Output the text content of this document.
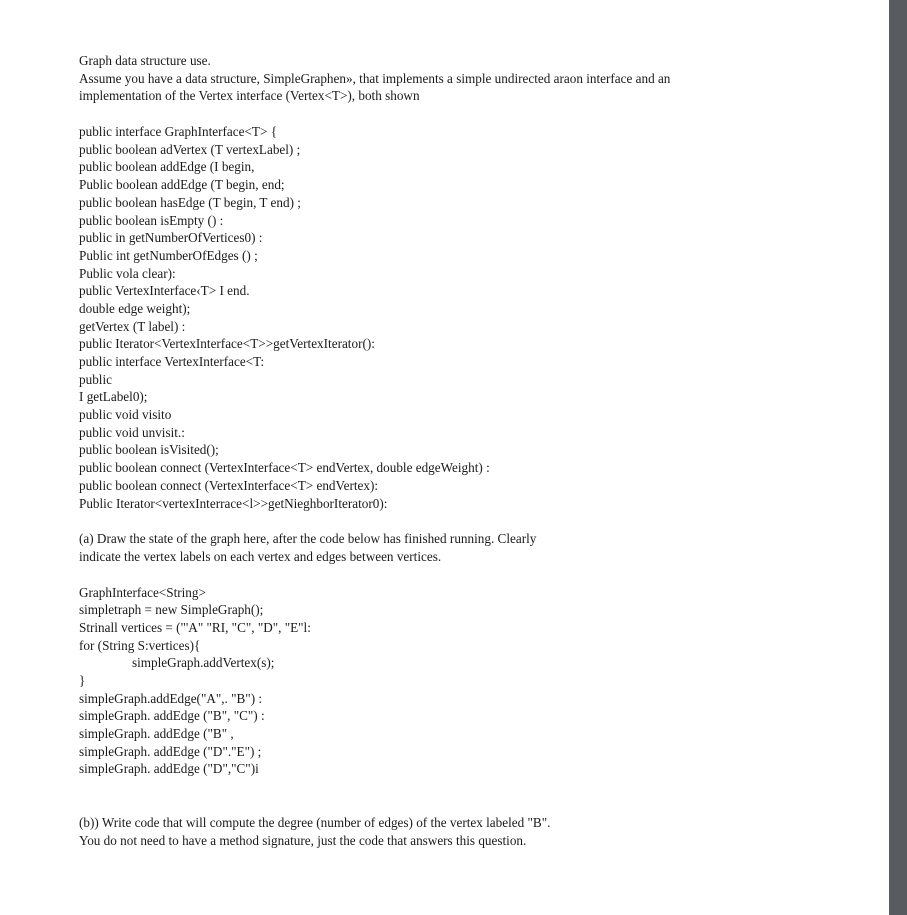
Graph data structure use.
Assume you have a data structure, SimpleGraphen», that implements a simple undirected araon interface and an
implementation of the Vertex interface (Vertex<T>), both shown
public interface GraphInterface<T> {
public boolean adVertex (T vertexLabel) ;
public boolean addEdge (I begin,
Public boolean addEdge (T begin, end;
public boolean hasEdge (T begin, T end) ;
public boolean isEmpty () :
public in getNumberOfVertices0) :
Public int getNumberOfEdges () ;
Public vola clear):
public VertexInterface‹T> I end.
double edge weight);
getVertex (T label) :
public Iterator<VertexInterface<T>>getVertexIterator():
public interface VertexInterface<T:
public
I getLabel0);
public void visito
public void unvisit.:
public boolean isVisited();
public boolean connect (VertexInterface<T> endVertex, double edgeWeight) :
public boolean connect (VertexInterface<T> endVertex):
Public Iterator<vertexInterrace<l>>getNieghborIterator0):
(a) Draw the state of the graph here, after the code below has finished running. Clearly
indicate the vertex labels on each vertex and edges between vertices.
GraphInterface<String>
simpletraph = new SimpleGraph();
Strinall vertices = ("'A" "RI, "C", "D", "E"l:
for (String S:vertices){
simpleGraph.addVertex(s);
}
simpleGraph.addEdge("A",. "B") :
simpleGraph. addEdge ("B", "C") :
simpleGraph. addEdge ("B" ,
simpleGraph. addEdge ("D"."E") ;
simpleGraph. addEdge ("D","C")i
(b)) Write code that will compute the degree (number of edges) of the vertex labeled "B".
You do not need to have a method signature, just the code that answers this question.
